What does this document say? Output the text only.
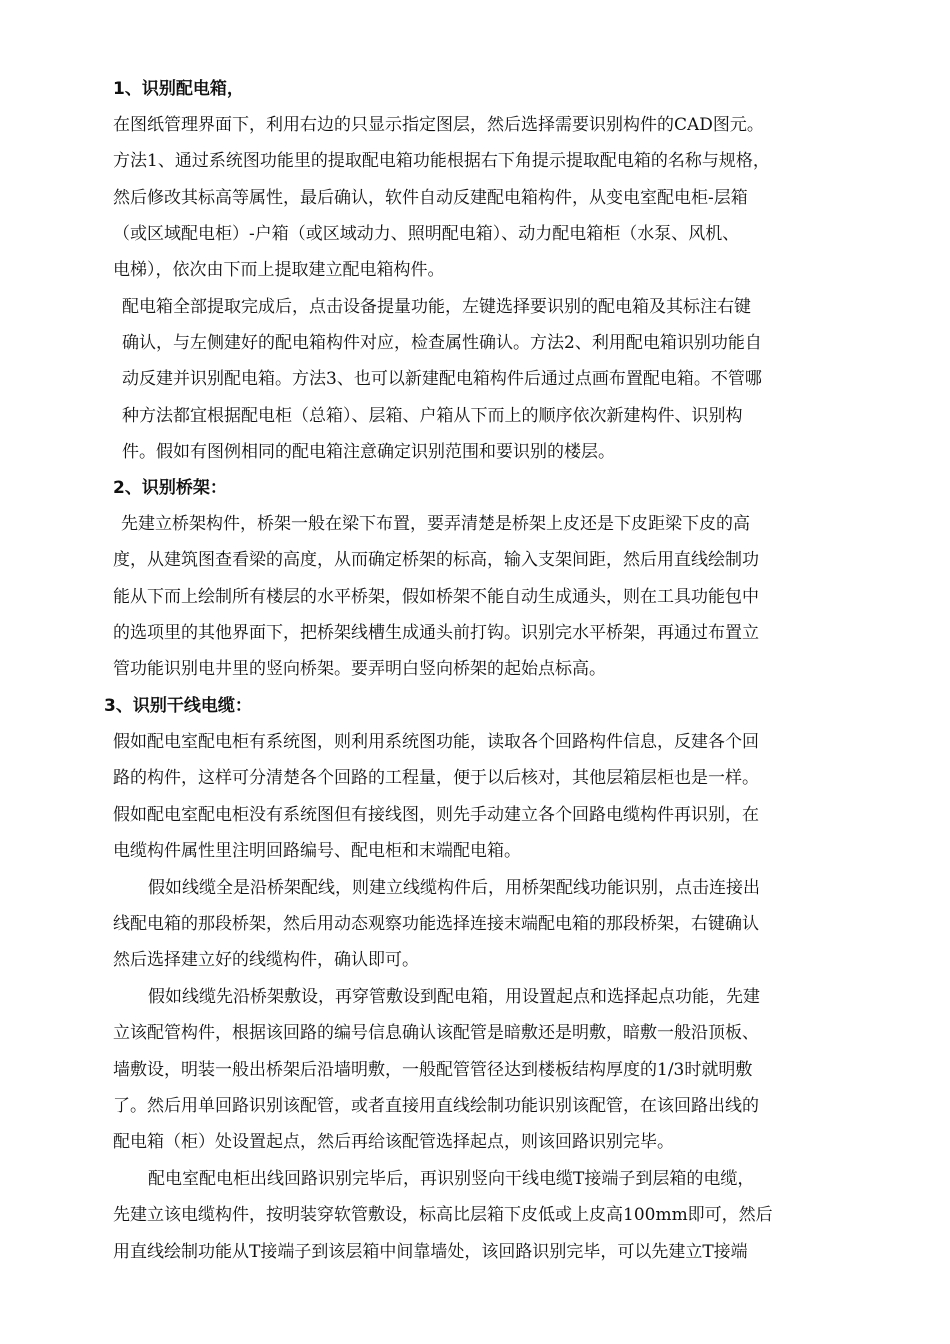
1、识别配电箱，
在图纸管理界面下，利用右边的只显示指定图层，然后选择需要识别构件的CAD图元。
方法1、通过系统图功能里的提取配电箱功能根据右下角提示提取配电箱的名称与规格，
然后修改其标高等属性，最后确认，软件自动反建配电箱构件，从变电室配电柜-层箱
（或区域配电柜）-户箱（或区域动力、照明配电箱）、动力配电箱柜（水泵、风机、
电梯），依次由下而上提取建立配电箱构件。
配电箱全部提取完成后，点击设备提量功能，左键选择要识别的配电箱及其标注右键
确认，与左侧建好的配电箱构件对应，检查属性确认。方法2、利用配电箱识别功能自
动反建并识别配电箱。方法3、也可以新建配电箱构件后通过点画布置配电箱。不管哪
种方法都宜根据配电柜（总箱）、层箱、户箱从下而上的顺序依次新建构件、识别构
件。假如有图例相同的配电箱注意确定识别范围和要识别的楼层。
2、识别桥架：
先建立桥架构件，桥架一般在梁下布置，要弄清楚是桥架上皮还是下皮距梁下皮的高
度，从建筑图查看梁的高度，从而确定桥架的标高，输入支架间距，然后用直线绘制功
能从下而上绘制所有楼层的水平桥架，假如桥架不能自动生成通头，则在工具功能包中
的选项里的其他界面下，把桥架线槽生成通头前打钩。识别完水平桥架，再通过布置立
管功能识别电井里的竖向桥架。要弄明白竖向桥架的起始点标高。
3、识别干线电缆：
假如配电室配电柜有系统图，则利用系统图功能，读取各个回路构件信息，反建各个回
路的构件，这样可分清楚各个回路的工程量，便于以后核对，其他层箱层柜也是一样。
假如配电室配电柜没有系统图但有接线图，则先手动建立各个回路电缆构件再识别，在
电缆构件属性里注明回路编号、配电柜和末端配电箱。
假如线缆全是沿桥架配线，则建立线缆构件后，用桥架配线功能识别，点击连接出
线配电箱的那段桥架，然后用动态观察功能选择连接末端配电箱的那段桥架，右键确认
然后选择建立好的线缆构件，确认即可。
假如线缆先沿桥架敷设，再穿管敷设到配电箱，用设置起点和选择起点功能，先建
立该配管构件，根据该回路的编号信息确认该配管是暗敷还是明敷，暗敷一般沿顶板、
墙敷设，明装一般出桥架后沿墙明敷，一般配管管径达到楼板结构厚度的1/3时就明敷
了。然后用单回路识别该配管，或者直接用直线绘制功能识别该配管，在该回路出线的
配电箱（柜）处设置起点，然后再给该配管选择起点，则该回路识别完毕。
配电室配电柜出线回路识别完毕后，再识别竖向干线电缆T接端子到层箱的电缆，
先建立该电缆构件，按明装穿软管敷设，标高比层箱下皮低或上皮高100mm即可，然后
用直线绘制功能从T接端子到该层箱中间靠墙处，该回路识别完毕，可以先建立T接端
